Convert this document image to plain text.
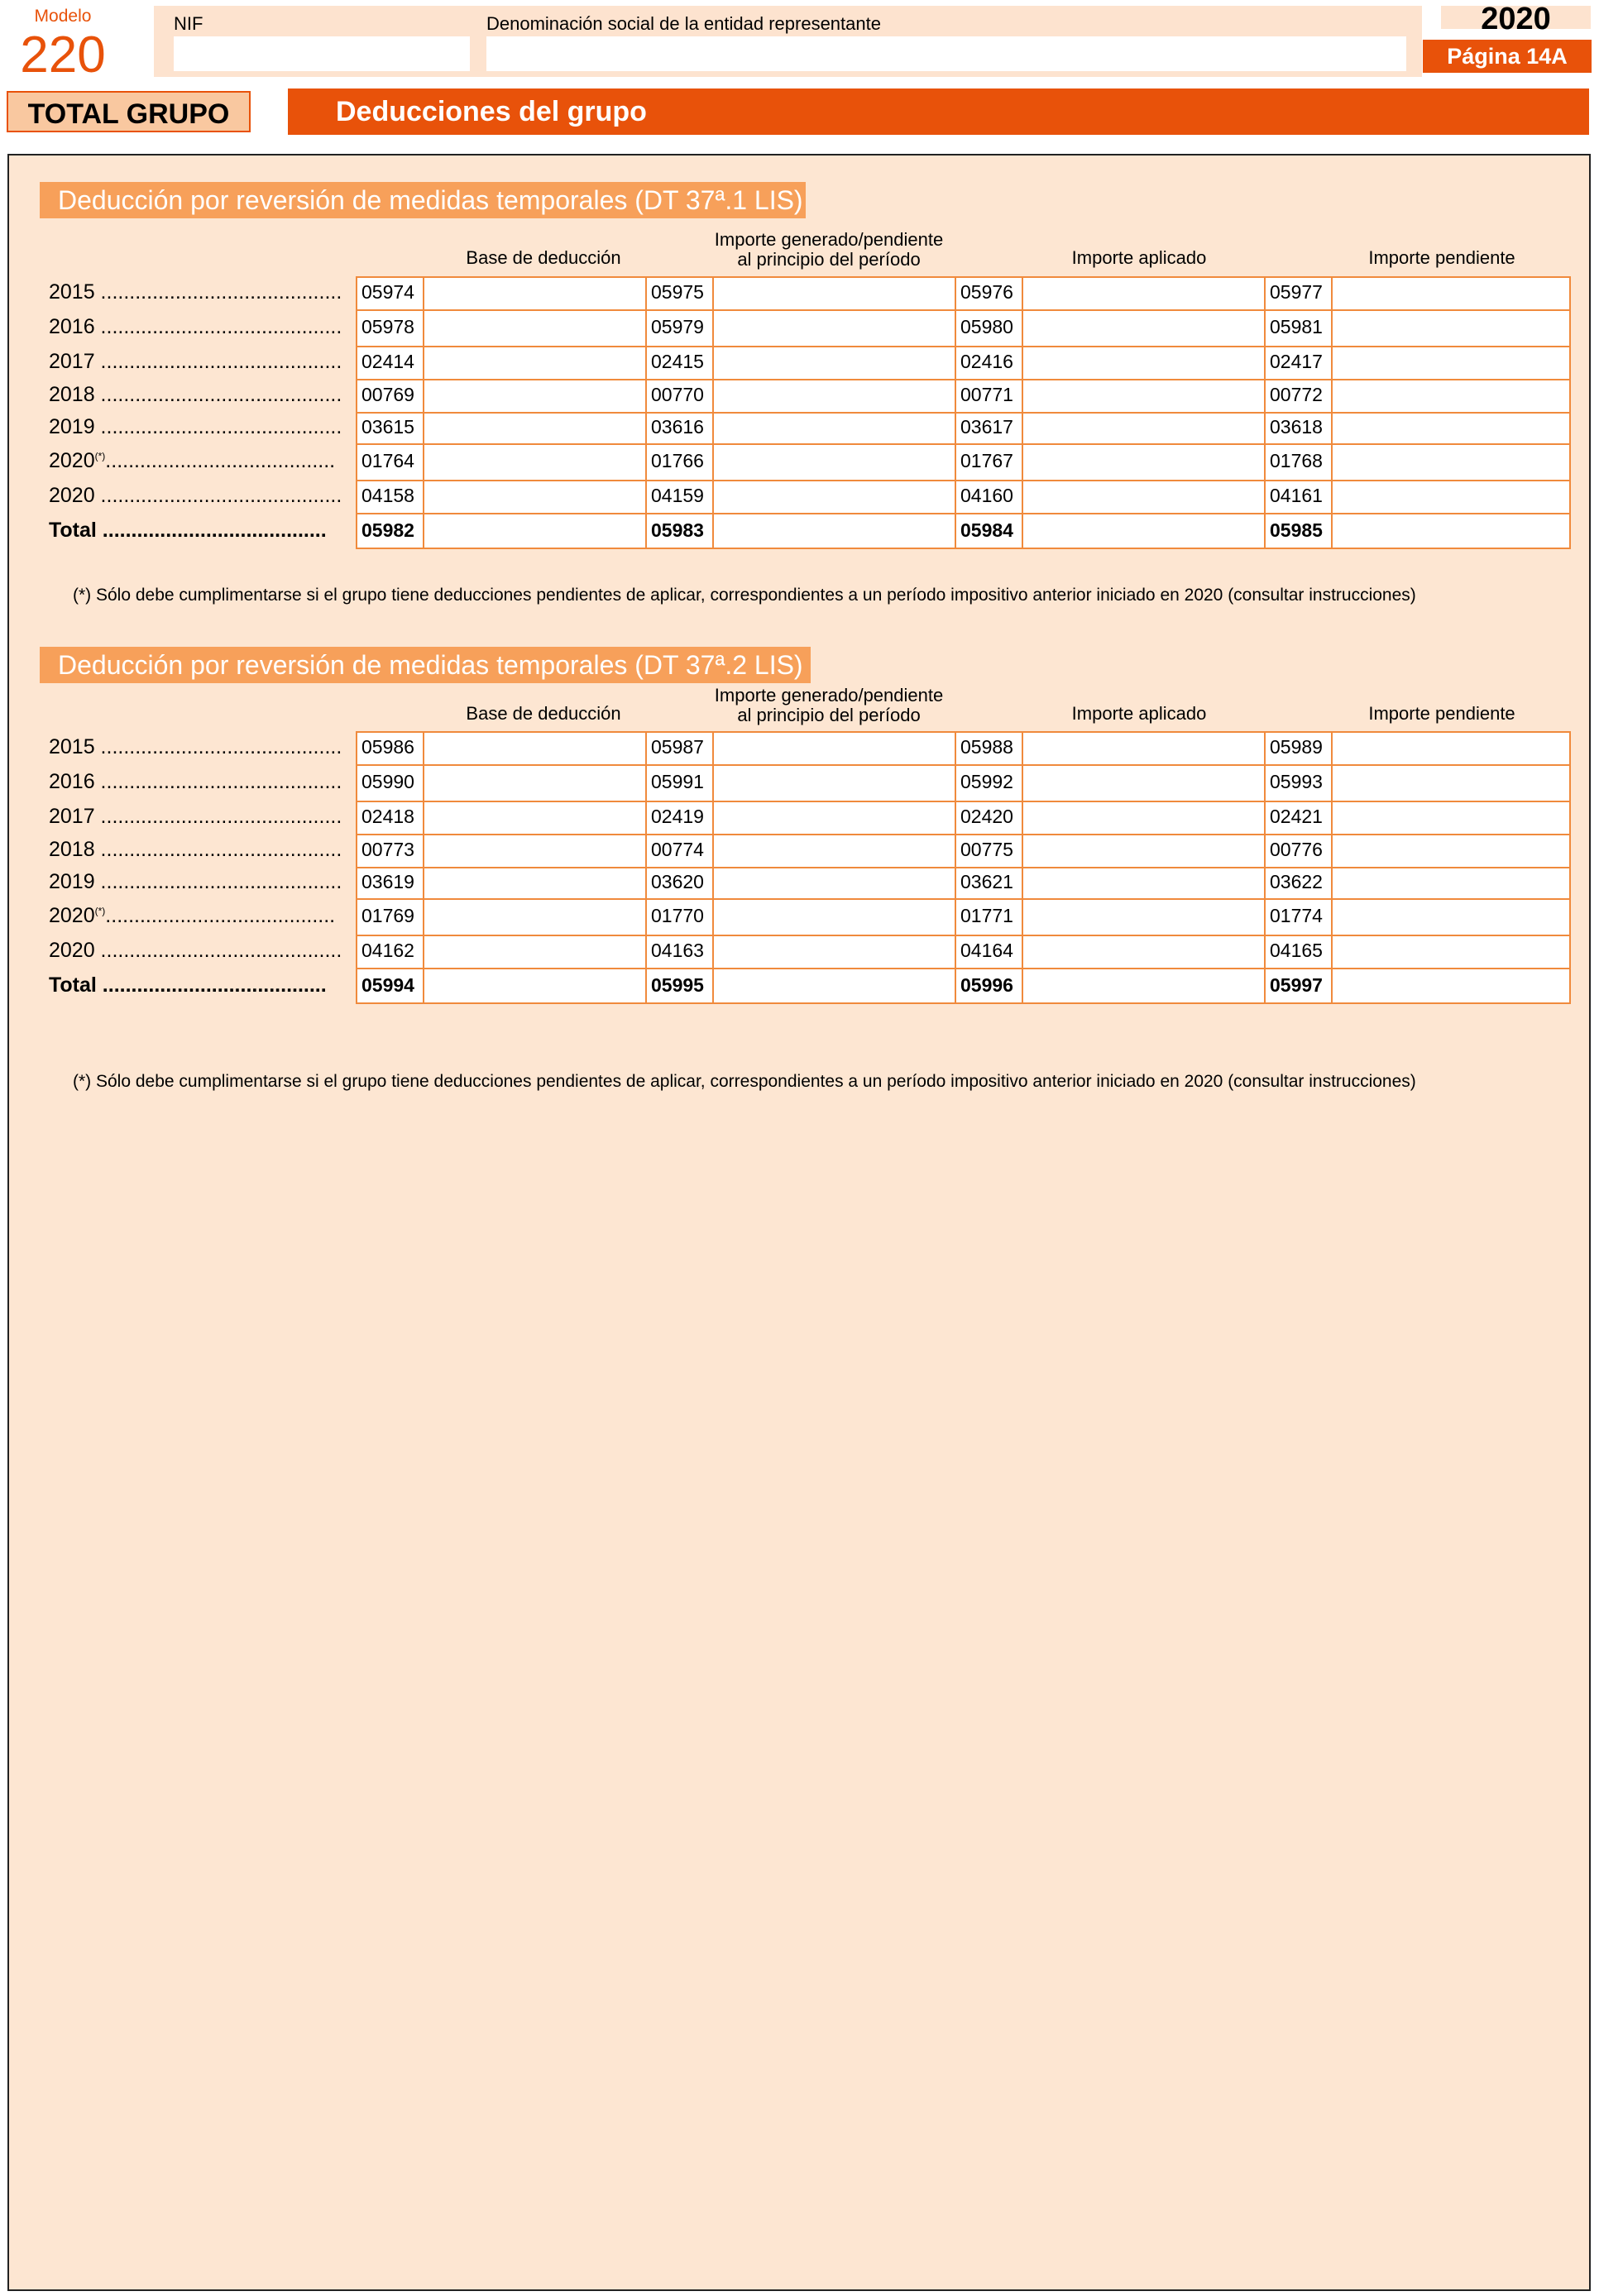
Modelo
220
NIF	Denominación social de la entidad representante	2020
Página 14A
TOTAL GRUPO	Deducciones del grupo
Deducción por reversión de medidas temporales (DT 37ª.1 LIS)
Base de deducción
Importe generado/pendiente
al principio del período	Importe aplicado	Importe pendiente
2015 ..........................................	05974	05975	05976	05977
2016 ..........................................	05978	05979	05980	05981
2017 ..........................................	02414	02415	02416	02417
2018 ..........................................	00769	00770	00771	00772
2019 ..........................................	03615	03616	03617	03618
2020(*)........................................	01764	01766	01767	01768
2020 ..........................................	04158	04159	04160	04161
Total .......................................	05982	05983	05984	05985
(*) Sólo debe cumplimentarse si el grupo tiene deducciones pendientes de aplicar, correspondientes a un período impositivo anterior iniciado en 2020 (consultar instrucciones)
Deducción por reversión de medidas temporales (DT 37ª.2 LIS)
Base de deducción
Importe generado/pendiente
al principio del período	Importe aplicado	Importe pendiente
2015 ..........................................	05986	05987	05988	05989
2016 ..........................................	05990	05991	05992	05993
2017 ..........................................	02418	02419	02420	02421
2018 ..........................................	00773	00774	00775	00776
2019 ..........................................	03619	03620	03621	03622
2020(*)........................................	01769	01770	01771	01774
2020 ..........................................	04162	04163	04164	04165
Total .......................................	05994	05995	05996	05997
(*) Sólo debe cumplimentarse si el grupo tiene deducciones pendientes de aplicar, correspondientes a un período impositivo anterior iniciado en 2020 (consultar instrucciones)
